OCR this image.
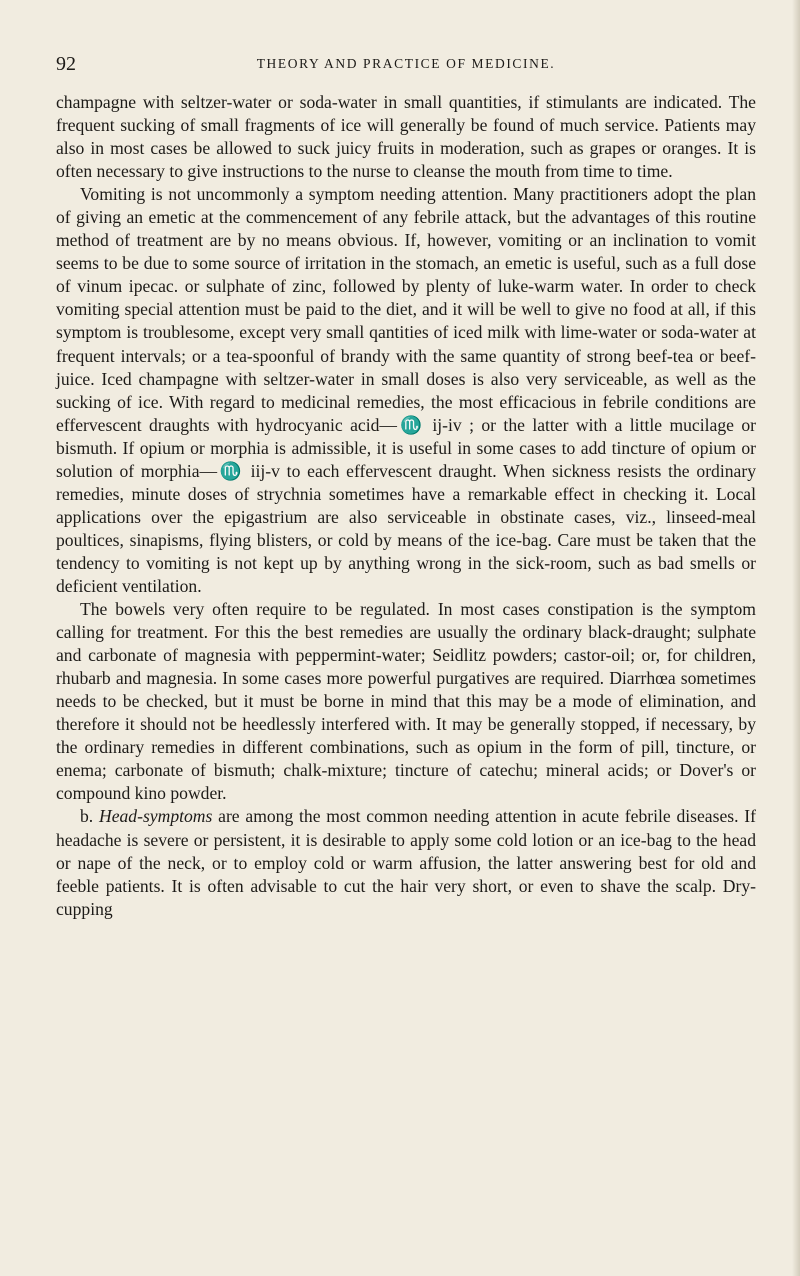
92	THEORY AND PRACTICE OF MEDICINE.

champagne with seltzer-water or soda-water in small quantities, if stimulants are indicated. The frequent sucking of small fragments of ice will generally be found of much service. Patients may also in most cases be allowed to suck juicy fruits in moderation, such as grapes or oranges. It is often necessary to give instructions to the nurse to cleanse the mouth from time to time.

Vomiting is not uncommonly a symptom needing attention. Many practitioners adopt the plan of giving an emetic at the commencement of any febrile attack, but the advantages of this routine method of treatment are by no means obvious. If, however, vomiting or an inclination to vomit seems to be due to some source of irritation in the stomach, an emetic is useful, such as a full dose of vinum ipecac. or sulphate of zinc, followed by plenty of luke-warm water. In order to check vomiting special attention must be paid to the diet, and it will be well to give no food at all, if this symptom is troublesome, except very small qantities of iced milk with lime-water or soda-water at frequent intervals; or a tea-spoonful of brandy with the same quantity of strong beef-tea or beef-juice. Iced champagne with seltzer-water in small doses is also very serviceable, as well as the sucking of ice. With regard to medicinal remedies, the most efficacious in febrile conditions are effervescent draughts with hydrocyanic acid—♏ ij-iv ; or the latter with a little mucilage or bismuth. If opium or morphia is admissible, it is useful in some cases to add tincture of opium or solution of morphia—♏ iij-v to each effervescent draught. When sickness resists the ordinary remedies, minute doses of strychnia sometimes have a remarkable effect in checking it. Local applications over the epigastrium are also serviceable in obstinate cases, viz., linseed-meal poultices, sinapisms, flying blisters, or cold by means of the ice-bag. Care must be taken that the tendency to vomiting is not kept up by anything wrong in the sick-room, such as bad smells or deficient ventilation.

The bowels very often require to be regulated. In most cases constipation is the symptom calling for treatment. For this the best remedies are usually the ordinary black-draught; sulphate and carbonate of magnesia with peppermint-water; Seidlitz powders; castor-oil; or, for children, rhubarb and magnesia. In some cases more powerful purgatives are required. Diarrhœa sometimes needs to be checked, but it must be borne in mind that this may be a mode of elimination, and therefore it should not be heedlessly interfered with. It may be generally stopped, if necessary, by the ordinary remedies in different combinations, such as opium in the form of pill, tincture, or enema; carbonate of bismuth; chalk-mixture; tincture of catechu; mineral acids; or Dover's or compound kino powder.

b. Head-symptoms are among the most common needing attention in acute febrile diseases. If headache is severe or persistent, it is desirable to apply some cold lotion or an ice-bag to the head or nape of the neck, or to employ cold or warm affusion, the latter answering best for old and feeble patients. It is often advisable to cut the hair very short, or even to shave the scalp. Dry-cupping
